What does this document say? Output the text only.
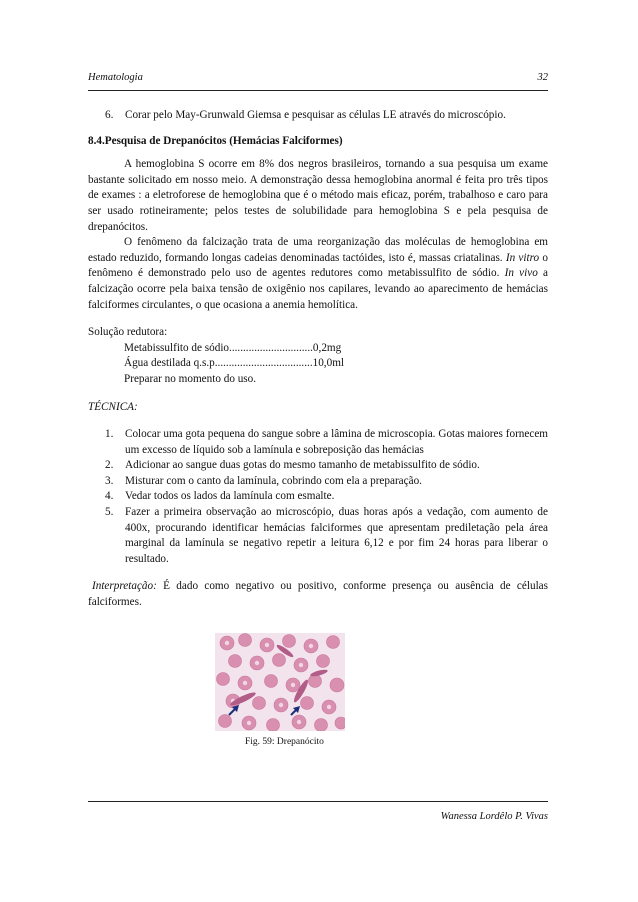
Hematologia	32
6.	Corar pelo May-Grunwald Giemsa e pesquisar as células LE através do microscópio.

8.4.Pesquisa de Drepanócitos (Hemácias Falciformes)

A hemoglobina S ocorre em 8% dos negros brasileiros, tornando a sua pesquisa um exame bastante solicitado em nosso meio. A demonstração dessa hemoglobina anormal é feita pro três tipos de exames : a eletroforese de hemoglobina que é o método mais eficaz, porém, trabalhoso e caro para ser usado rotineiramente; pelos testes de solubilidade para hemoglobina S e pela pesquisa de drepanócitos.

O fenômeno da falcização trata de uma reorganização das moléculas de hemoglobina em estado reduzido, formando longas cadeias denominadas tactóides, isto é, massas criatalinas. In vitro o fenômeno é demonstrado pelo uso de agentes redutores como metabissulfito de sódio. In vivo a falcização ocorre pela baixa tensão de oxigênio nos capilares, levando ao aparecimento de hemácias falciformes circulantes, o que ocasiona a anemia hemolítica.

Solução redutora:

Metabissulfito de sódio..............................0,2mg

Água destilada q.s.p...................................10,0ml

Preparar no momento do uso.

TÉCNICA:

1.	Colocar uma gota pequena do sangue sobre a lâmina de microscopia. Gotas maiores fornecem um excesso de líquido sob a lamínula e sobreposição das hemácias
2.	Adicionar ao sangue duas gotas do mesmo tamanho de metabissulfito de sódio.
3.	Misturar com o canto da lamínula, cobrindo com ela a preparação.
4.	Vedar todos os lados da lamínula com esmalte.
5.	Fazer a primeira observação ao microscópio, duas horas após a vedação, com aumento de 400x, procurando identificar hemácias falciformes que apresentam prediletação pela área marginal da lamínula se negativo repetir a leitura 6,12 e por fim 24 horas para liberar o resultado.

Interpretação: É dado como negativo ou positivo, conforme presença ou ausência de células falciformes.

Fig. 59: Drepanócito
Wanessa Lordêlo P. Vivas
